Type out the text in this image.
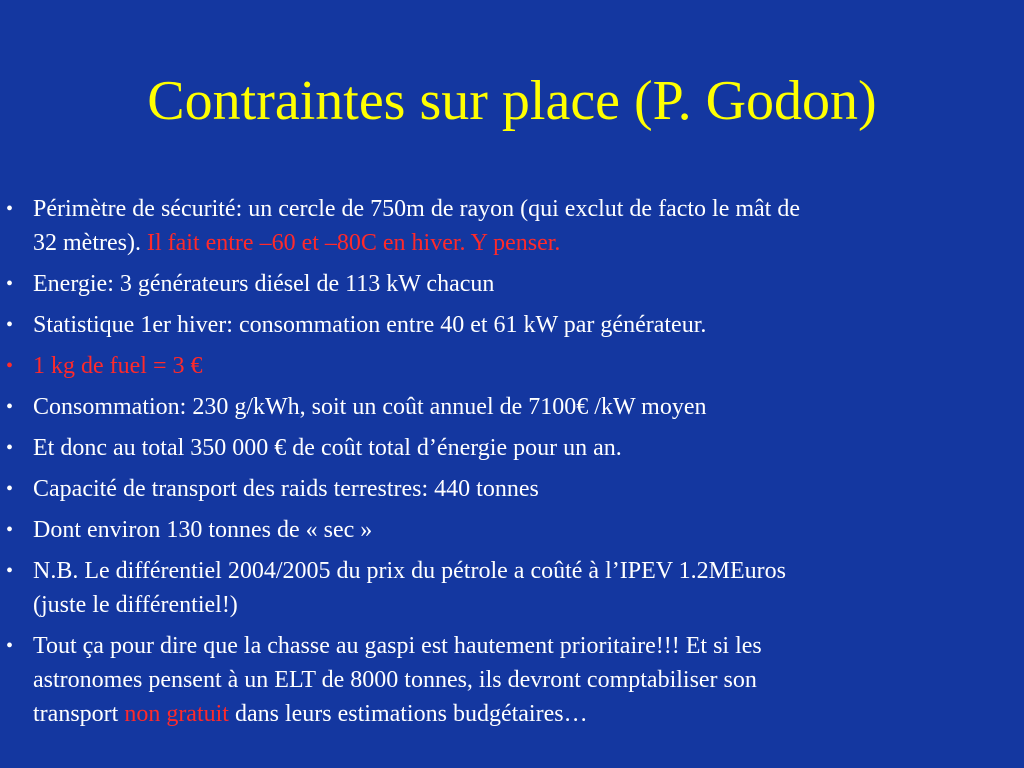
Contraintes sur place (P. Godon)
• Périmètre de sécurité: un cercle de 750m de rayon (qui exclut de facto le mât de
32 mètres). Il fait entre –60 et –80C en hiver. Y penser.
• Energie: 3 générateurs diésel de 113 kW chacun
• Statistique 1er hiver: consommation entre 40 et 61 kW par générateur.
• 1 kg de fuel = 3 €
• Consommation: 230 g/kWh, soit un coût annuel de 7100€ /kW moyen
• Et donc au total 350 000 € de coût total d’énergie pour un an.
• Capacité de transport des raids terrestres: 440 tonnes
• Dont environ 130 tonnes de « sec »
• N.B. Le différentiel 2004/2005 du prix du pétrole a coûté à l’IPEV 1.2MEuros
(juste le différentiel!)
• Tout ça pour dire que la chasse au gaspi est hautement prioritaire!!! Et si les
astronomes pensent à un ELT de 8000 tonnes, ils devront comptabiliser son
transport non gratuit dans leurs estimations budgétaires…
